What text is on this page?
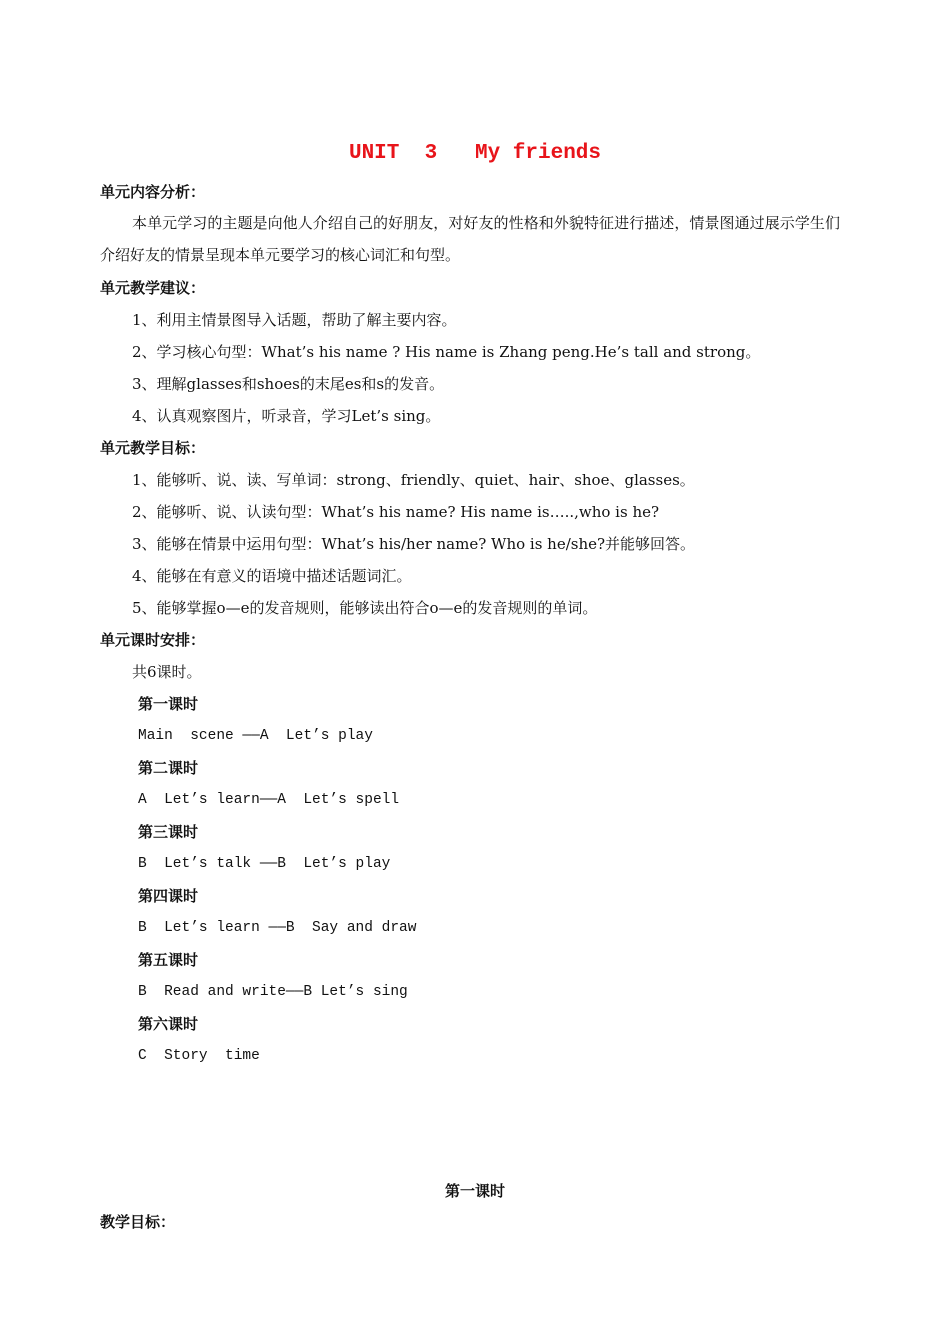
UNIT  3   My friends
单元内容分析：
本单元学习的主题是向他人介绍自己的好朋友，对好友的性格和外貌特征进行描述，情景图通过展示学生们介绍好友的情景呈现本单元要学习的核心词汇和句型。
单元教学建议：
1、利用主情景图导入话题，帮助了解主要内容。
2、学习核心句型：What’s his name ? His name is Zhang peng.He’s tall and strong。
3、理解glasses和shoes的末尾es和s的发音。
4、认真观察图片，听录音，学习Let’s sing。
单元教学目标：
1、能够听、说、读、写单词：strong、friendly、quiet、hair、shoe、glasses。
2、能够听、说、认读句型：What’s his name? His name is…..,who is he?
3、能够在情景中运用句型：What’s his/her name? Who is he/she?并能够回答。
4、能够在有意义的语境中描述话题词汇。
5、能够掌握o—e的发音规则，能够读出符合o—e的发音规则的单词。
单元课时安排：
共6课时。
第一课时
Main  scene ——A  Let’s play
第二课时
A  Let’s learn——A  Let’s spell
第三课时
B  Let’s talk ——B  Let’s play
第四课时
B  Let’s learn ——B  Say and draw
第五课时
B  Read and write——B Let’s sing
第六课时
C  Story  time
第一课时
教学目标：
